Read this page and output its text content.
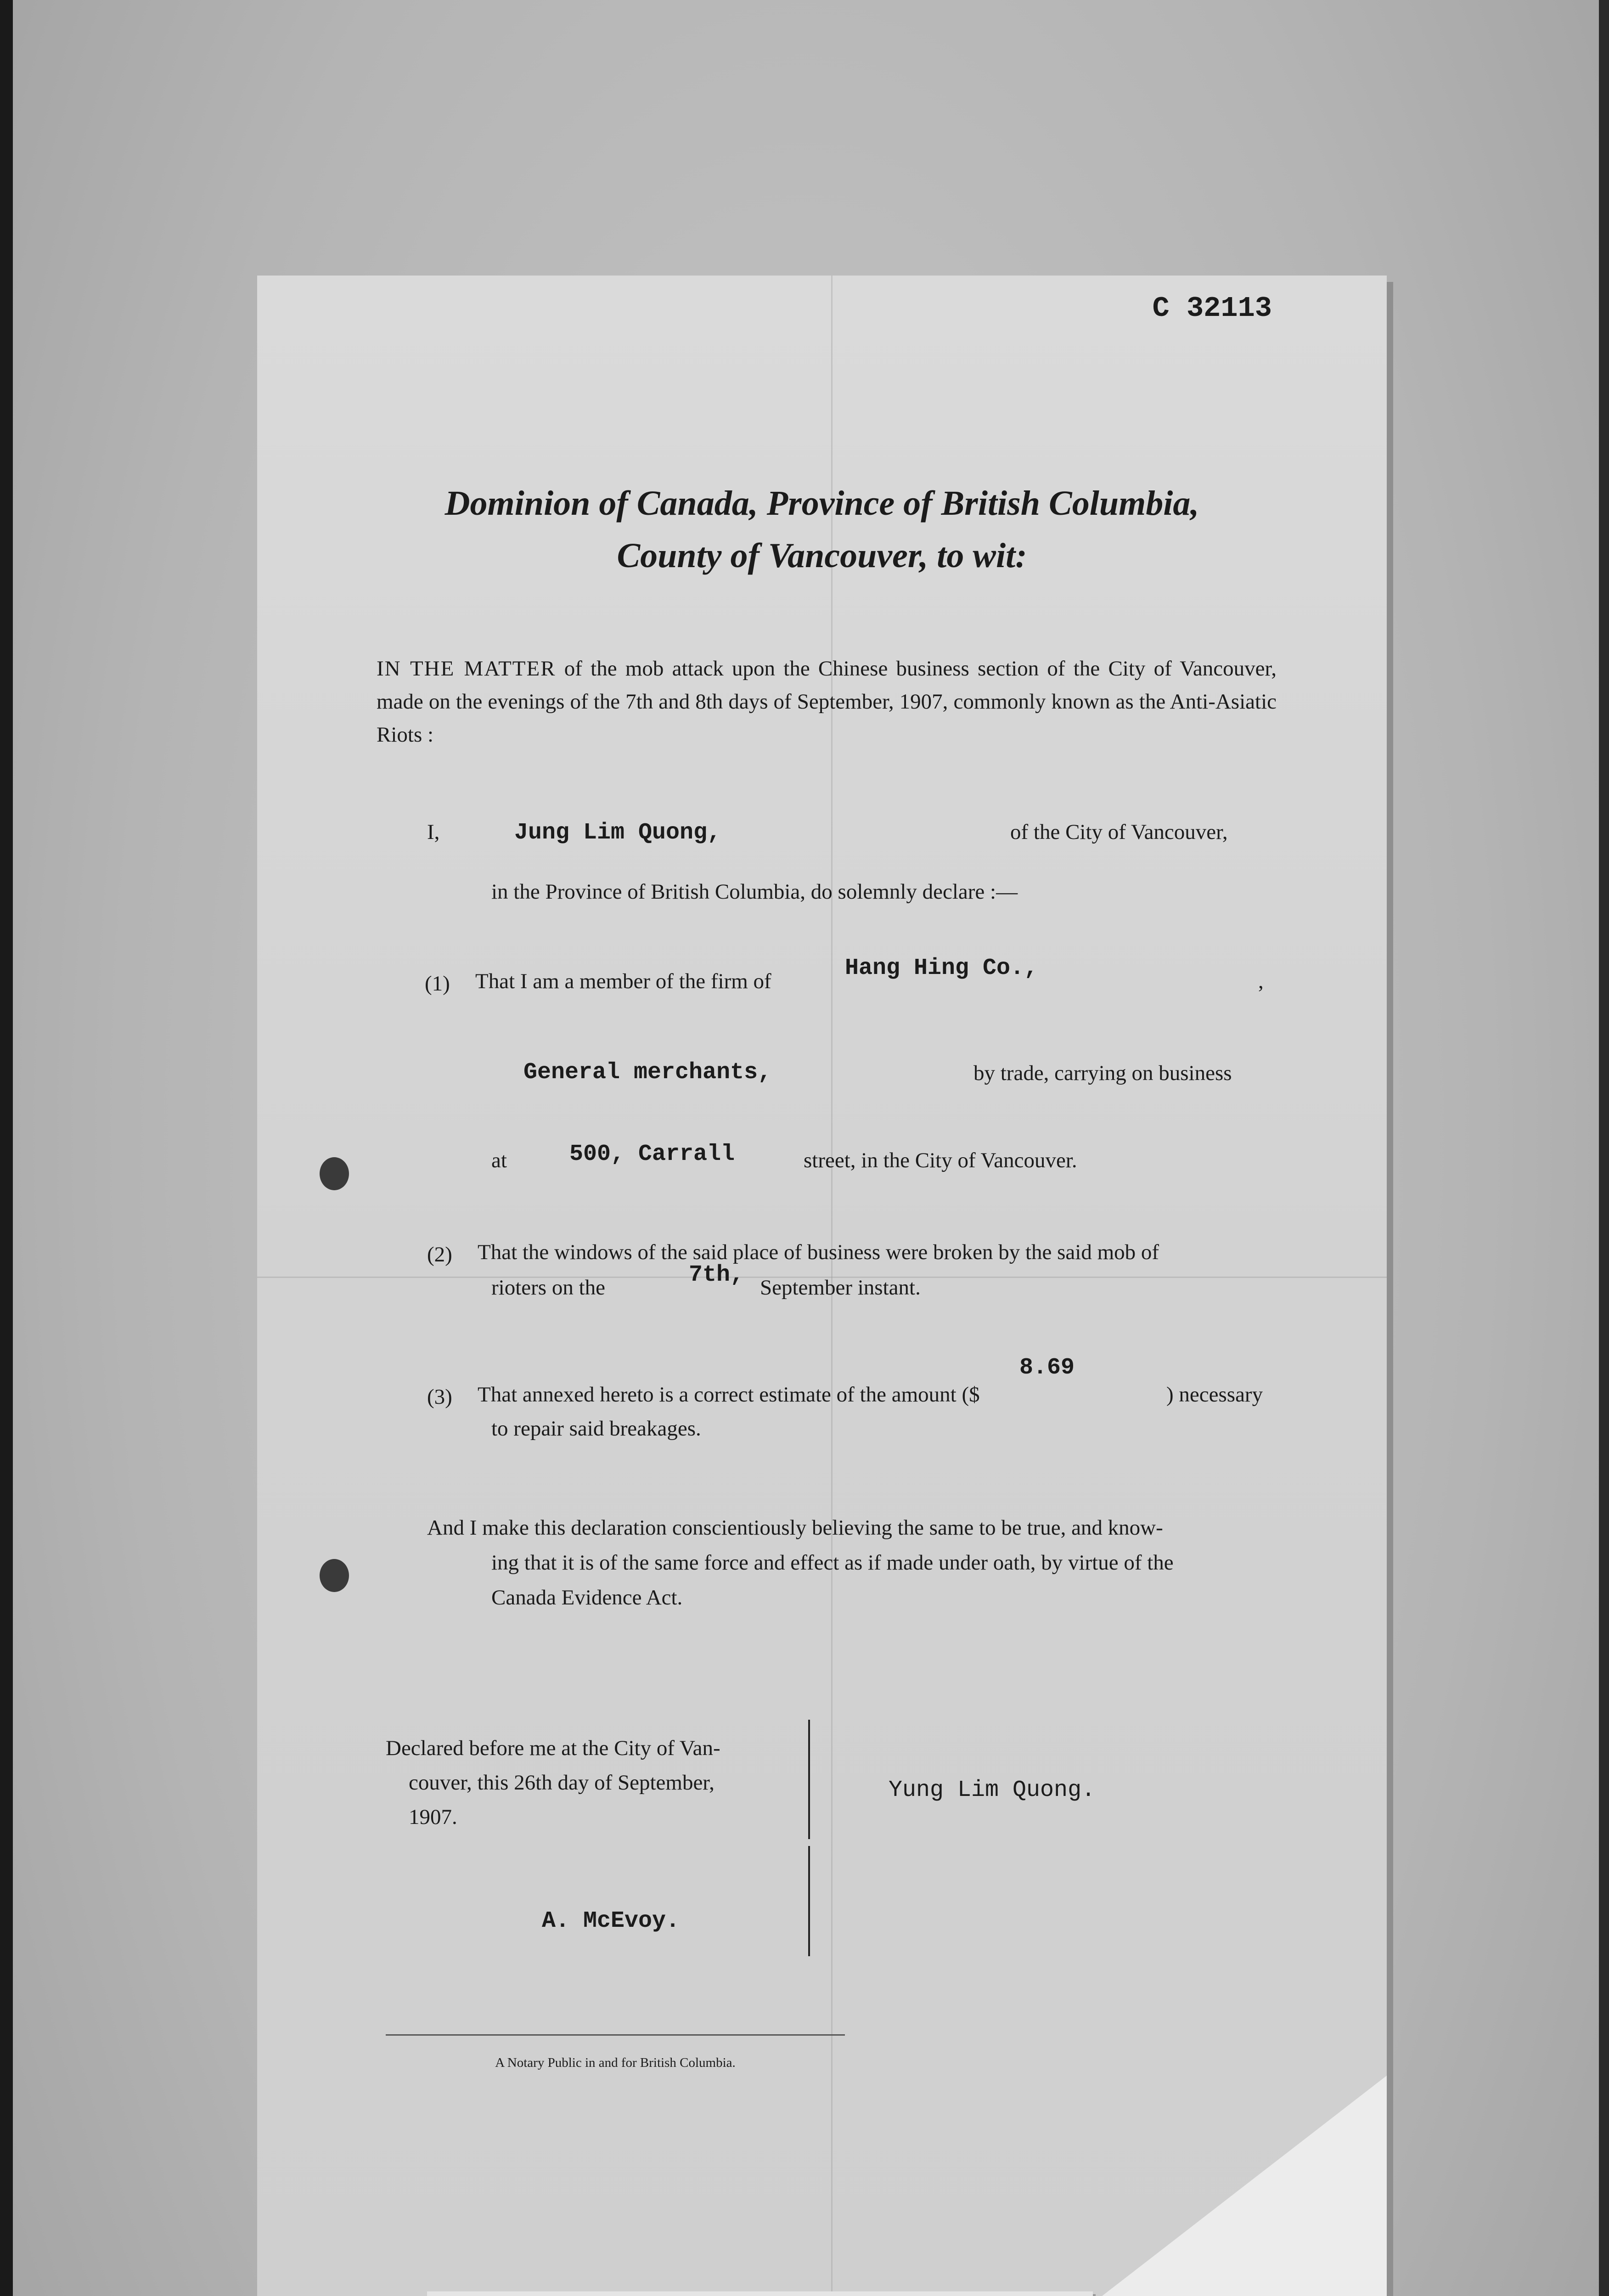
C 32113
Dominion of Canada, Province of British Columbia,
County of Vancouver, to wit:
IN THE MATTER of the mob attack upon the Chinese business section of the City of Vancouver, made on the evenings of the 7th and 8th days of September, 1907, commonly known as the Anti-Asiatic Riots :
I,	Jung Lim Quong,	of the City of Vancouver,
in the Province of British Columbia, do solemnly declare :—
(1) That I am a member of the firm of	Hang Hing Co.,	,
General merchants,	by trade, carrying on business
at	500, Carrall	street, in the City of Vancouver.
(2) That the windows of the said place of business were broken by the said mob of
rioters on the	7th, September instant.
(3) That annexed hereto is a correct estimate of the amount ($
8.69
) necessary
to repair said breakages.
And I make this declaration conscientiously believing the same to be true, and know-
ing that it is of the same force and effect as if made under oath, by virtue of the
Canada Evidence Act.
Declared before me at the City of Van-
couver, this 26th day of September,
1907.
Yung Lim Quong.
A. McEvoy.
A Notary Public in and for British Columbia.
